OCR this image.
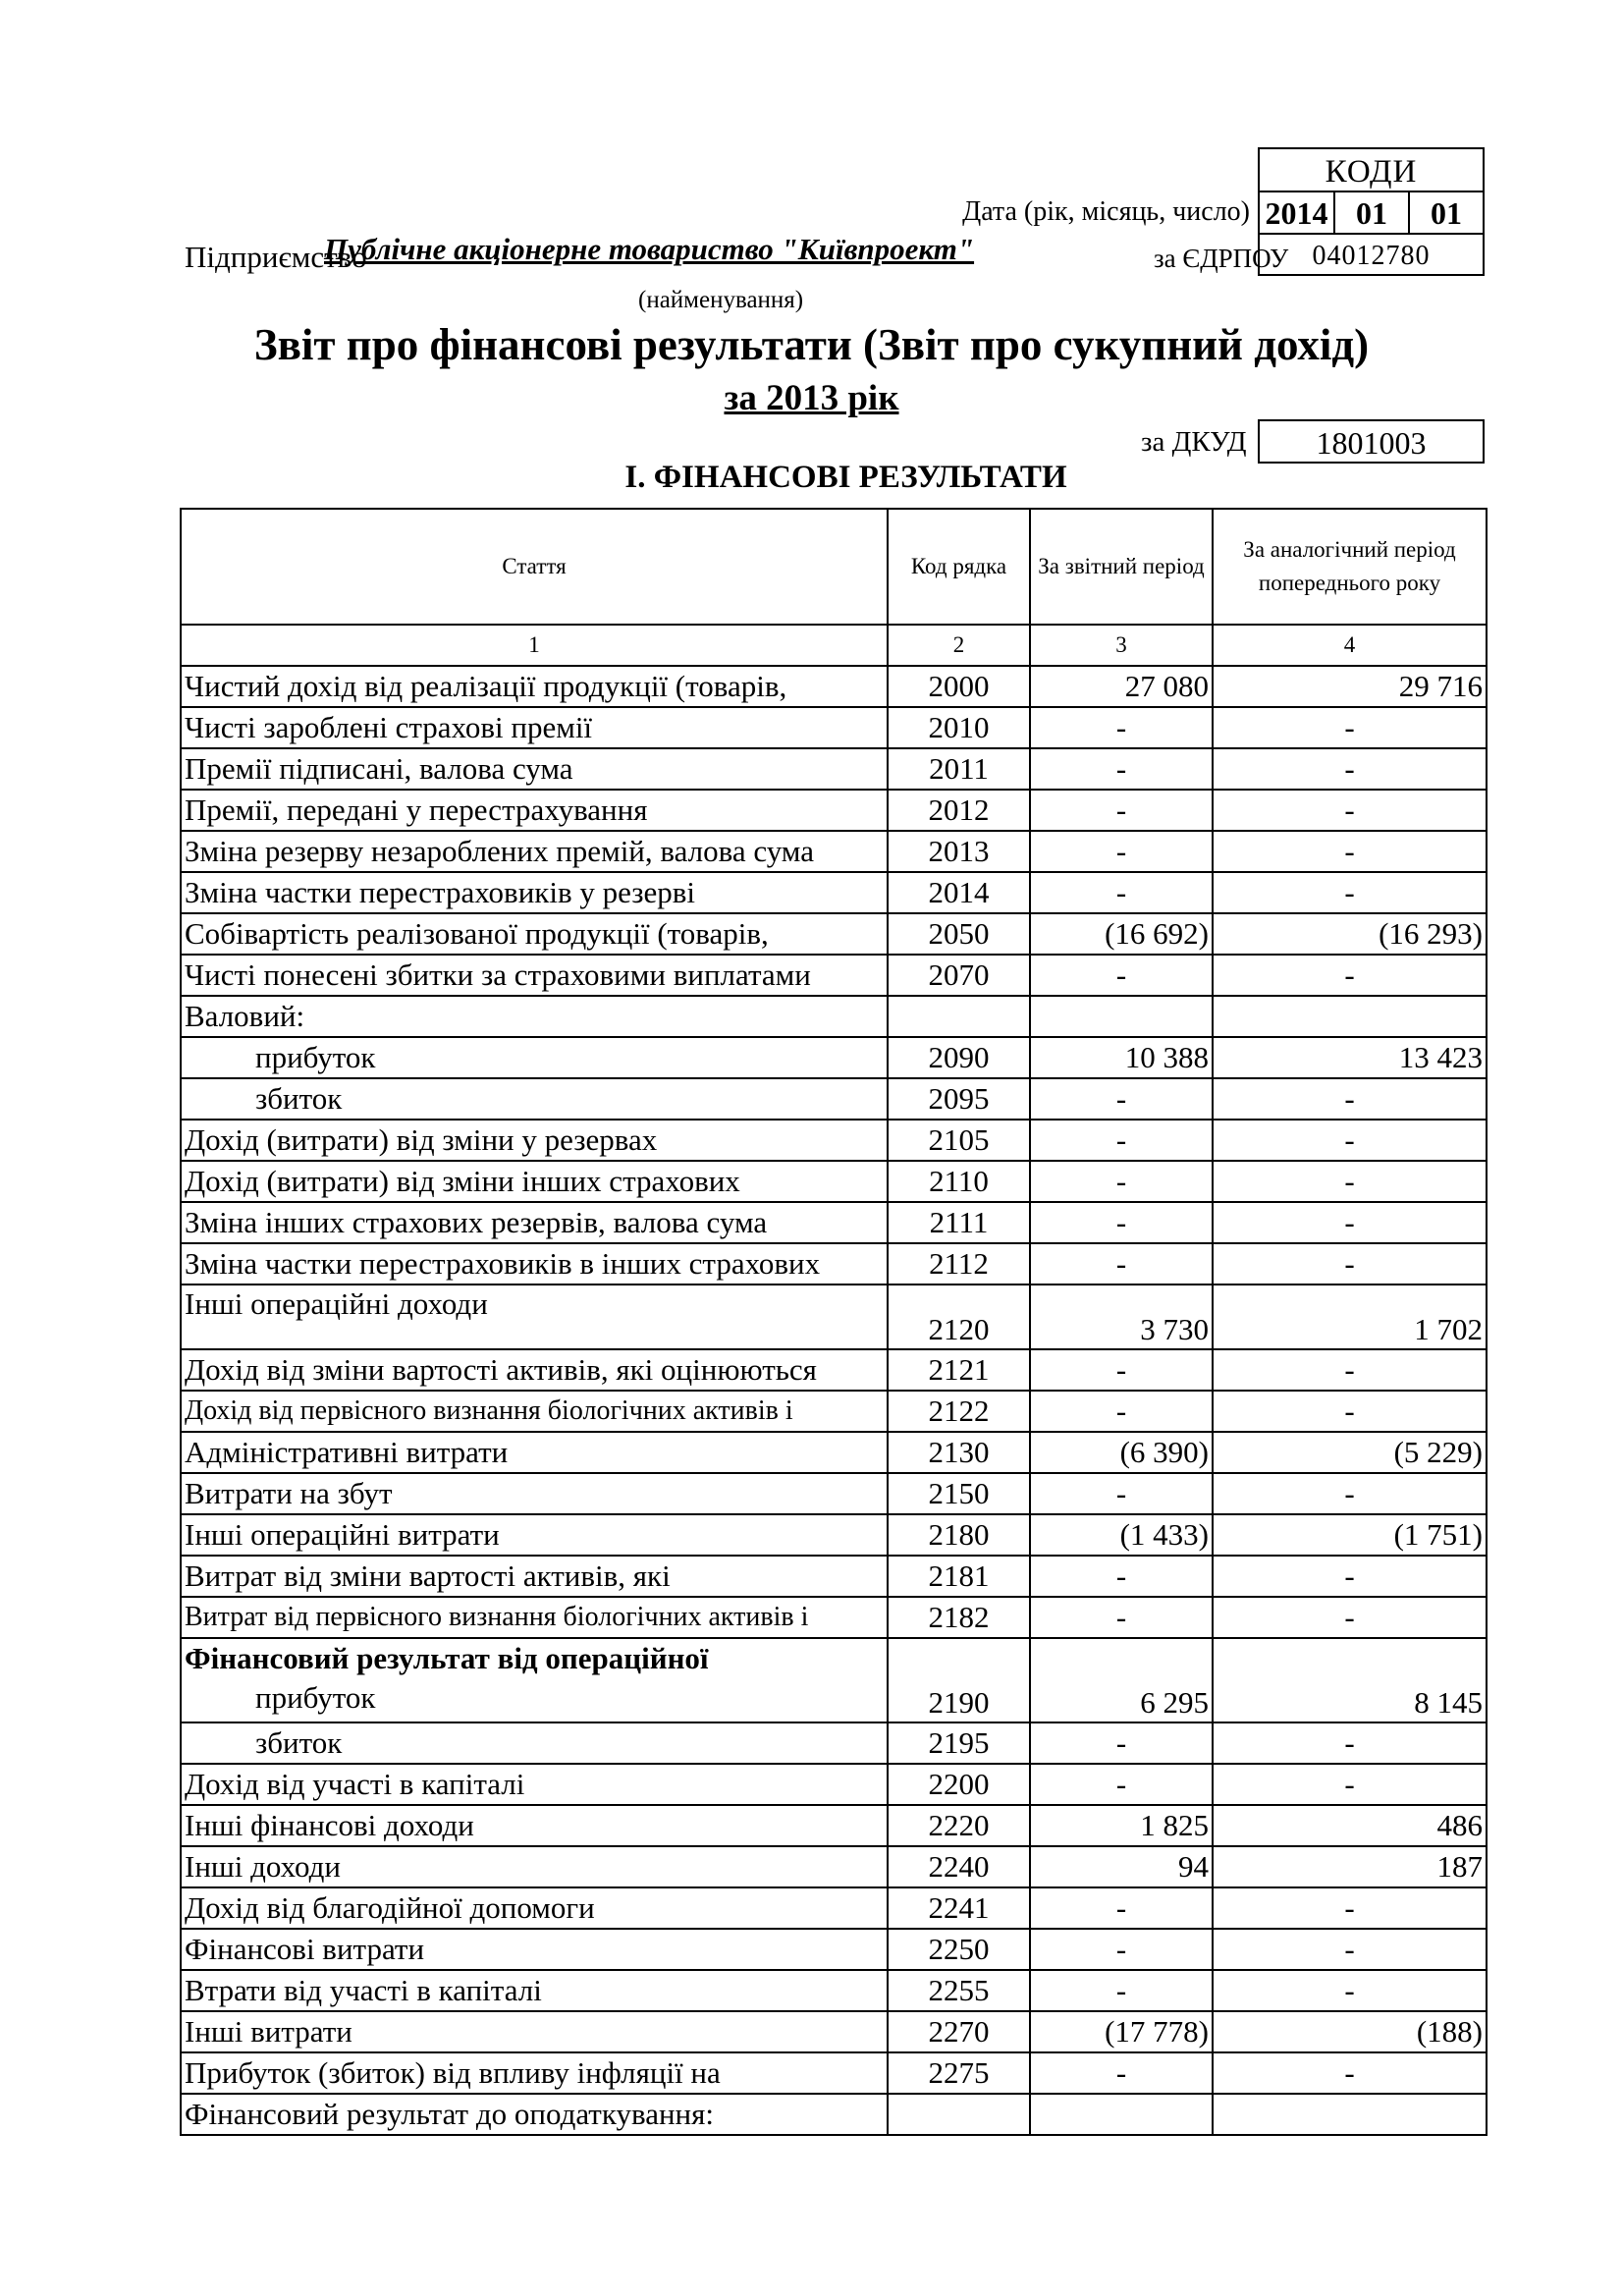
КОДИ
Дата (рік, місяць, число) 2014 01	01
Підприємство
Публічне акціонерне товариство "Київпроект"	за ЄДРПОУ 04012780
(найменування)
Звіт про фінансові результати (Звіт про сукупний дохід)
за 2013 рік
за ДКУД	1801003
І. ФІНАНСОВІ РЕЗУЛЬТАТИ
Стаття	Код рядка	За звітний період	За аналогічний період попереднього року
1	2	3	4
Чистий дохід від реалізації продукції (товарів,	2000	27 080	29 716
Чисті зароблені страхові премії	2010	-	-
Премії підписані, валова сума	2011	-	-
Премії, передані у перестрахування	2012	-	-
Зміна резерву незароблених премій, валова сума	2013	-	-
Зміна частки перестраховиків у резерві	2014	-	-
Собівартість реалізованої продукції (товарів,	2050	(16 692)	(16 293)
Чисті понесені збитки за страховими виплатами	2070	-	-
Валовий:			
прибуток	2090	10 388	13 423
збиток	2095	-	-
Дохід (витрати) від зміни у резервах	2105	-	-
Дохід (витрати) від зміни інших страхових	2110	-	-
Зміна інших страхових резервів, валова сума	2111	-	-
Зміна частки перестраховиків в інших страхових	2112	-	-
Інші операційні доходи	2120	3 730	1 702
Дохід від зміни вартості активів, які оцінюються	2121	-	-
Дохід від первісного визнання біологічних активів і	2122	-	-
Адміністративні витрати	2130	(6 390)	(5 229)
Витрати на збут	2150	-	-
Інші операційні витрати	2180	(1 433)	(1 751)
Витрат від зміни вартості активів, які	2181	-	-
Витрат від первісного визнання біологічних активів і	2182	-	-

Фінансовий результат від операційної
прибуток	2190	6 295	8 145
збиток	2195	-	-
Дохід від участі в капіталі	2200	-	-
Інші фінансові доходи	2220	1 825	486
Інші доходи	2240	94	187
Дохід від благодійної допомоги	2241	-	-
Фінансові витрати	2250	-	-
Втрати від участі в капіталі	2255	-	-
Інші витрати	2270	(17 778)	(188)
Прибуток (збиток) від впливу інфляції на	2275	-	-
Фінансовий результат до оподаткування:			
